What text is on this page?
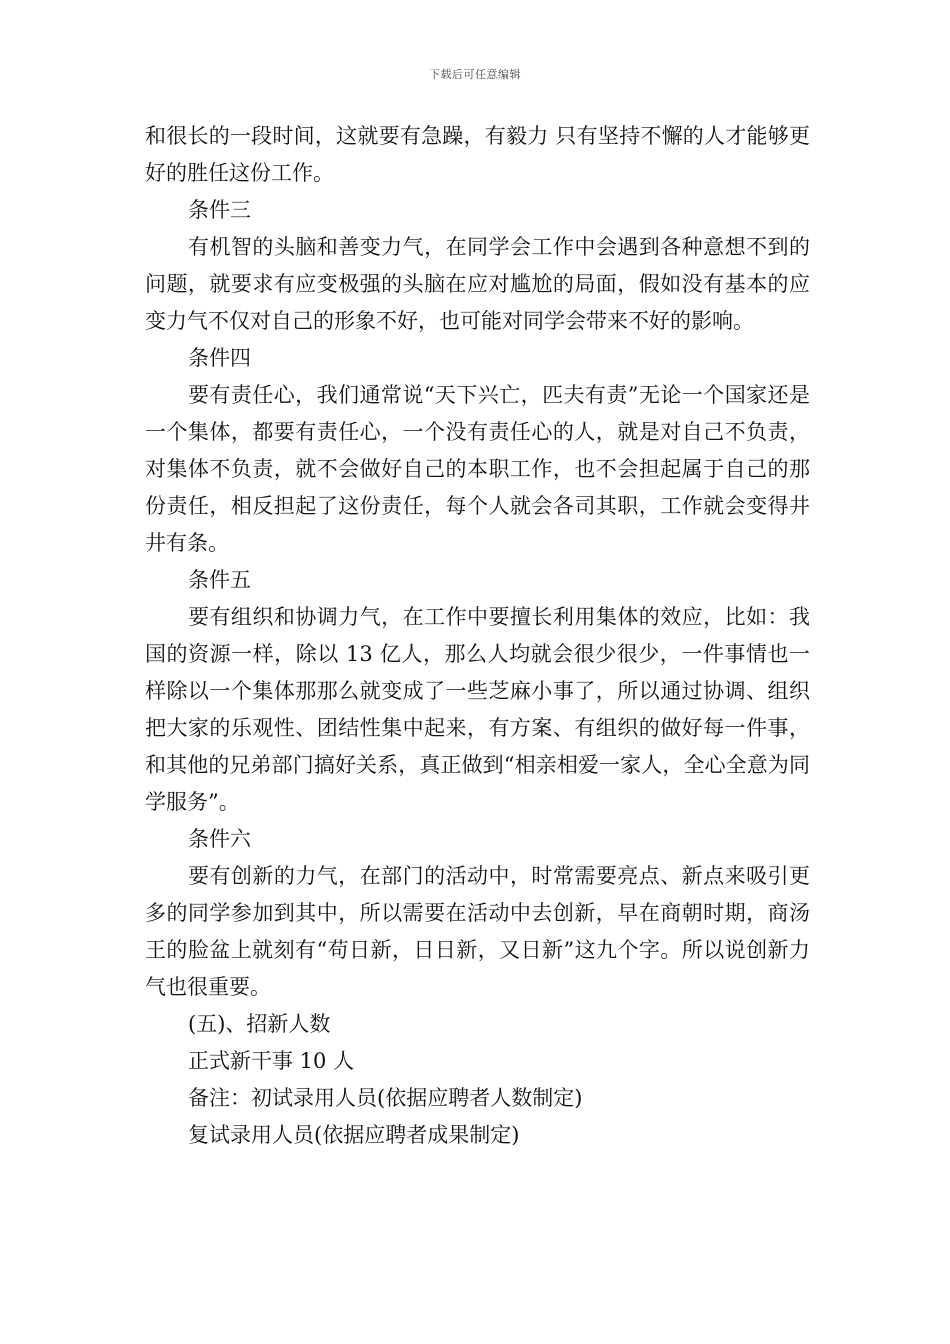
下载后可任意编辑

和很长的一段时间，这就要有急躁，有毅力 只有坚持不懈的人才能够更好的胜任这份工作。

条件三

有机智的头脑和善变力气，在同学会工作中会遇到各种意想不到的问题，就要求有应变极强的头脑在应对尴尬的局面，假如没有基本的应变力气不仅对自己的形象不好，也可能对同学会带来不好的影响。

条件四

要有责任心，我们通常说“天下兴亡，匹夫有责”无论一个国家还是一个集体，都要有责任心，一个没有责任心的人，就是对自己不负责，对集体不负责，就不会做好自己的本职工作，也不会担起属于自己的那份责任，相反担起了这份责任，每个人就会各司其职，工作就会变得井井有条。

条件五

要有组织和协调力气，在工作中要擅长利用集体的效应，比如：我国的资源一样，除以 13 亿人，那么人均就会很少很少，一件事情也一样除以一个集体那那么就变成了一些芝麻小事了，所以通过协调、组织把大家的乐观性、团结性集中起来，有方案、有组织的做好每一件事，和其他的兄弟部门搞好关系，真正做到“相亲相爱一家人，全心全意为同学服务”。

条件六

要有创新的力气，在部门的活动中，时常需要亮点、新点来吸引更多的同学参加到其中，所以需要在活动中去创新，早在商朝时期，商汤王的脸盆上就刻有“苟日新，日日新，又日新”这九个字。所以说创新力气也很重要。

(五)、招新人数

正式新干事 10 人

备注：初试录用人员(依据应聘者人数制定)

复试录用人员(依据应聘者成果制定)
